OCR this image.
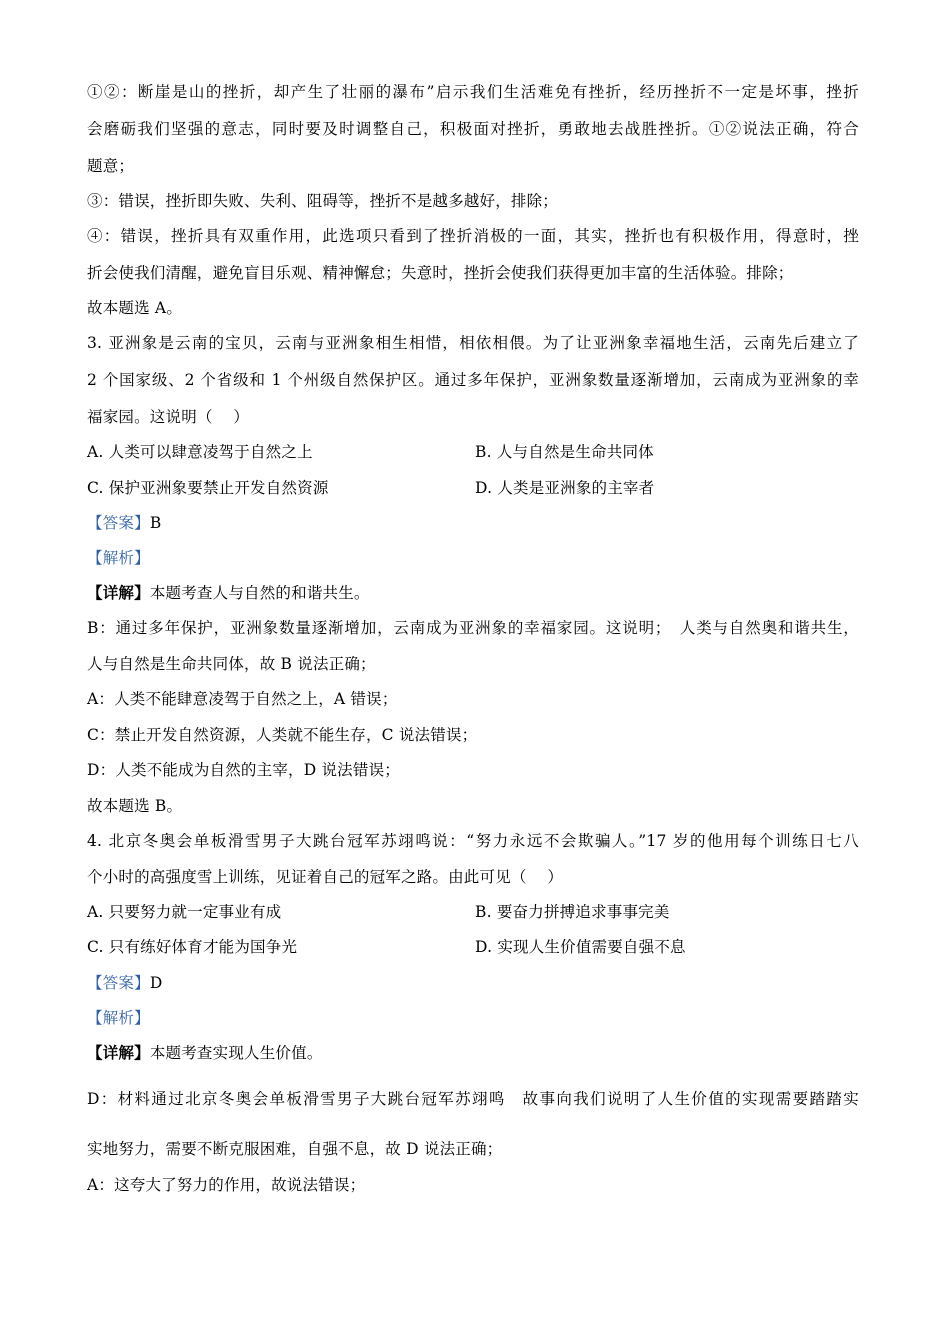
①②：断崖是山的挫折，却产生了壮丽的瀑布”启示我们生活难免有挫折，经历挫折不一定是坏事，挫折
会磨砺我们坚强的意志，同时要及时调整自己，积极面对挫折，勇敢地去战胜挫折。①②说法正确，符合
题意；
③：错误，挫折即失败、失利、阻碍等，挫折不是越多越好，排除；
④：错误，挫折具有双重作用，此选项只看到了挫折消极的一面，其实，挫折也有积极作用，得意时，挫
折会使我们清醒，避免盲目乐观、精神懈怠；失意时，挫折会使我们获得更加丰富的生活体验。排除；
故本题选 A。
3. 亚洲象是云南的宝贝，云南与亚洲象相生相惜，相依相偎。为了让亚洲象幸福地生活，云南先后建立了
2 个国家级、2 个省级和 1 个州级自然保护区。通过多年保护，亚洲象数量逐渐增加，云南成为亚洲象的幸
福家园。这说明（　 ）
A. 人类可以肆意凌驾于自然之上	B. 人与自然是生命共同体
C. 保护亚洲象要禁止开发自然资源	D. 人类是亚洲象的主宰者
【答案】B
【解析】
【详解】本题考查人与自然的和谐共生。
B：通过多年保护，亚洲象数量逐渐增加，云南成为亚洲象的幸福家园。这说明；　人类与自然奥和谐共生，
人与自然是生命共同体，故 B 说法正确；
A：人类不能肆意凌驾于自然之上，A 错误；
C：禁止开发自然资源，人类就不能生存，C 说法错误；
D：人类不能成为自然的主宰，D 说法错误；
故本题选 B。
4. 北京冬奥会单板滑雪男子大跳台冠军苏翊鸣说：“努力永远不会欺骗人。”17 岁的他用每个训练日七八
个小时的高强度雪上训练，见证着自己的冠军之路。由此可见（　 ）
A. 只要努力就一定事业有成	B. 要奋力拼搏追求事事完美
C. 只有练好体育才能为国争光	D. 实现人生价值需要自强不息
【答案】D
【解析】
【详解】本题考查实现人生价值。
D：材料通过北京冬奥会单板滑雪男子大跳台冠军苏翊鸣　故事向我们说明了人生价值的实现需要踏踏实
实地努力，需要不断克服困难，自强不息，故 D 说法正确；
A：这夸大了努力的作用，故说法错误；
